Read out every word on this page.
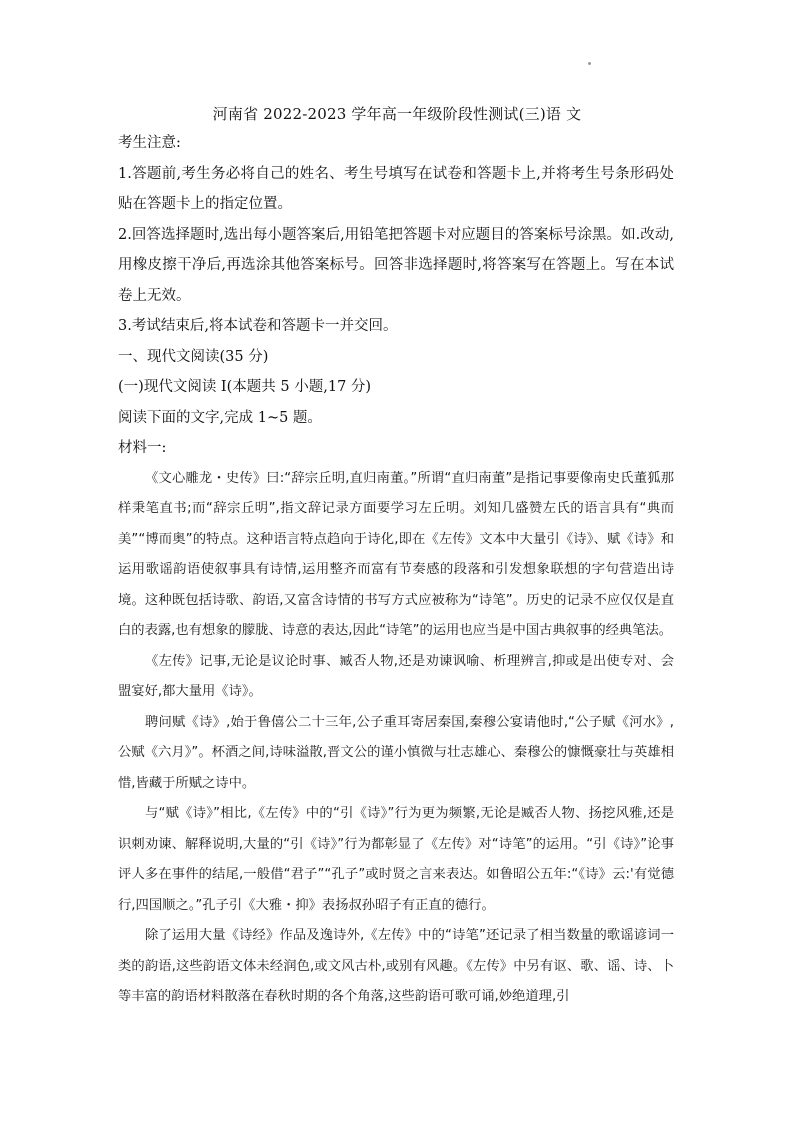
河南省 2022-2023 学年高一年级阶段性测试(三)语 文

考生注意:

1.答题前,考生务必将自己的姓名、考生号填写在试卷和答题卡上,并将考生号条形码处贴在答题卡上的指定位置。

2.回答选择题时,选出每小题答案后,用铅笔把答题卡对应题目的答案标号涂黑。如.改动,用橡皮擦干净后,再选涂其他答案标号。回答非选择题时,将答案写在答题上。写在本试卷上无效。

3.考试结束后,将本试卷和答题卡一并交回。

一、现代文阅读(35 分)

(一)现代文阅读 I(本题共 5 小题,17 分)

阅读下面的文字,完成 1~5 题。

材料一:

《文心雕龙・史传》曰:“辞宗丘明,直归南董。”所谓“直归南董”是指记事要像南史氏董狐那样秉笔直书;而“辞宗丘明”,指文辞记录方面要学习左丘明。刘知几盛赞左氏的语言具有“典而美”“博而奥”的特点。这种语言特点趋向于诗化,即在《左传》文本中大量引《诗》、赋《诗》和运用歌谣韵语使叙事具有诗情,运用整齐而富有节奏感的段落和引发想象联想的字句营造出诗境。这种既包括诗歌、韵语,又富含诗情的书写方式应被称为“诗笔”。历史的记录不应仅仅是直白的表露,也有想象的朦胧、诗意的表达,因此“诗笔”的运用也应当是中国古典叙事的经典笔法。

《左传》记事,无论是议论时事、臧否人物,还是劝谏讽喻、析理辨言,抑或是出使专对、会盟宴好,都大量用《诗》。

聘问赋《诗》,始于鲁僖公二十三年,公子重耳寄居秦国,秦穆公宴请他时,“公子赋《河水》,公赋《六月》”。杯酒之间,诗味溢散,晋文公的谨小慎微与壮志雄心、秦穆公的慷慨豪壮与英雄相惜,皆藏于所赋之诗中。

与“赋《诗》”相比,《左传》中的“引《诗》”行为更为频繁,无论是臧否人物、扬挖风雅,还是识刺劝谏、解释说明,大量的“引《诗》”行为都彰显了《左传》对“诗笔”的运用。“引《诗》”论事评人多在事件的结尾,一般借“君子”“孔子”或时贤之言来表达。如鲁昭公五年:“《诗》云:'有觉德行,四国顺之。”孔子引《大雅・抑》表扬叔孙昭子有正直的德行。

除了运用大量《诗经》作品及逸诗外,《左传》中的“诗笔”还记录了相当数量的歌谣谚词一类的韵语,这些韵语文体未经润色,或文风古朴,或别有风趣。《左传》中另有讴、歌、谣、诗、卜等丰富的韵语材料散落在春秋时期的各个角落,这些韵语可歌可诵,妙绝道理,引
